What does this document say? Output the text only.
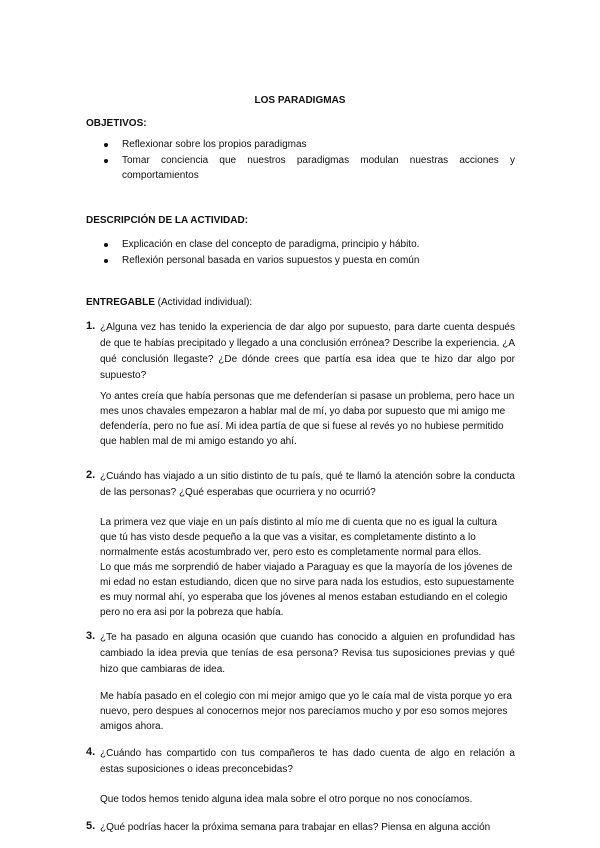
LOS PARADIGMAS
OBJETIVOS:
Reflexionar sobre los propios paradigmas
Tomar conciencia que nuestros paradigmas modulan nuestras acciones y comportamientos
DESCRIPCIÓN DE LA ACTIVIDAD:
Explicación en clase del concepto de paradigma, principio y hábito.
Reflexión personal basada en varios supuestos y puesta en común
ENTREGABLE (Actividad individual):
1. ¿Alguna vez has tenido la experiencia de dar algo por supuesto, para darte cuenta después de que te habías precipitado y llegado a una conclusión errónea? Describe la experiencia. ¿A qué conclusión llegaste? ¿De dónde crees que partía esa idea que te hizo dar algo por supuesto?

Yo antes creía que había personas que me defenderían si pasase un problema, pero hace un mes unos chavales empezaron a hablar mal de mí, yo daba por supuesto que mi amigo me defendería, pero no fue así. Mi idea partía de que si fuese al revés yo no hubiese permitido que hablen mal de mi amigo estando yo ahí.

2. ¿Cuándo has viajado a un sitio distinto de tu país, qué te llamó la atención sobre la conducta de las personas? ¿Qué esperabas que ocurriera y no ocurrió?

La primera vez que viaje en un país distinto al mío me di cuenta que no es igual la cultura que tú has visto desde pequeño a la que vas a visitar, es completamente distinto a lo normalmente estás acostumbrado ver, pero esto es completamente normal para ellos.

Lo que más me sorprendió de haber viajado a Paraguay es que la mayoría de los jóvenes de mi edad no estan estudiando, dicen que no sirve para nada los estudios, esto supuestamente es muy normal ahí, yo esperaba que los jóvenes al menos estaban estudiando en el colegio pero no era asi por la pobreza que había.

3. ¿Te ha pasado en alguna ocasión que cuando has conocido a alguien en profundidad has cambiado la idea previa que tenías de esa persona? Revisa tus suposiciones previas y qué hizo que cambiaras de idea.

Me había pasado en el colegio con mi mejor amigo que yo le caía mal de vista porque yo era nuevo, pero despues al conocernos mejor nos parecíamos mucho y por eso somos mejores amigos ahora.

4. ¿Cuándo has compartido con tus compañeros te has dado cuenta de algo en relación a estas suposiciones o ideas preconcebidas?

Que todos hemos tenido alguna idea mala sobre el otro porque no nos conocíamos.

5. ¿Qué podrías hacer la próxima semana para trabajar en ellas? Piensa en alguna acción
